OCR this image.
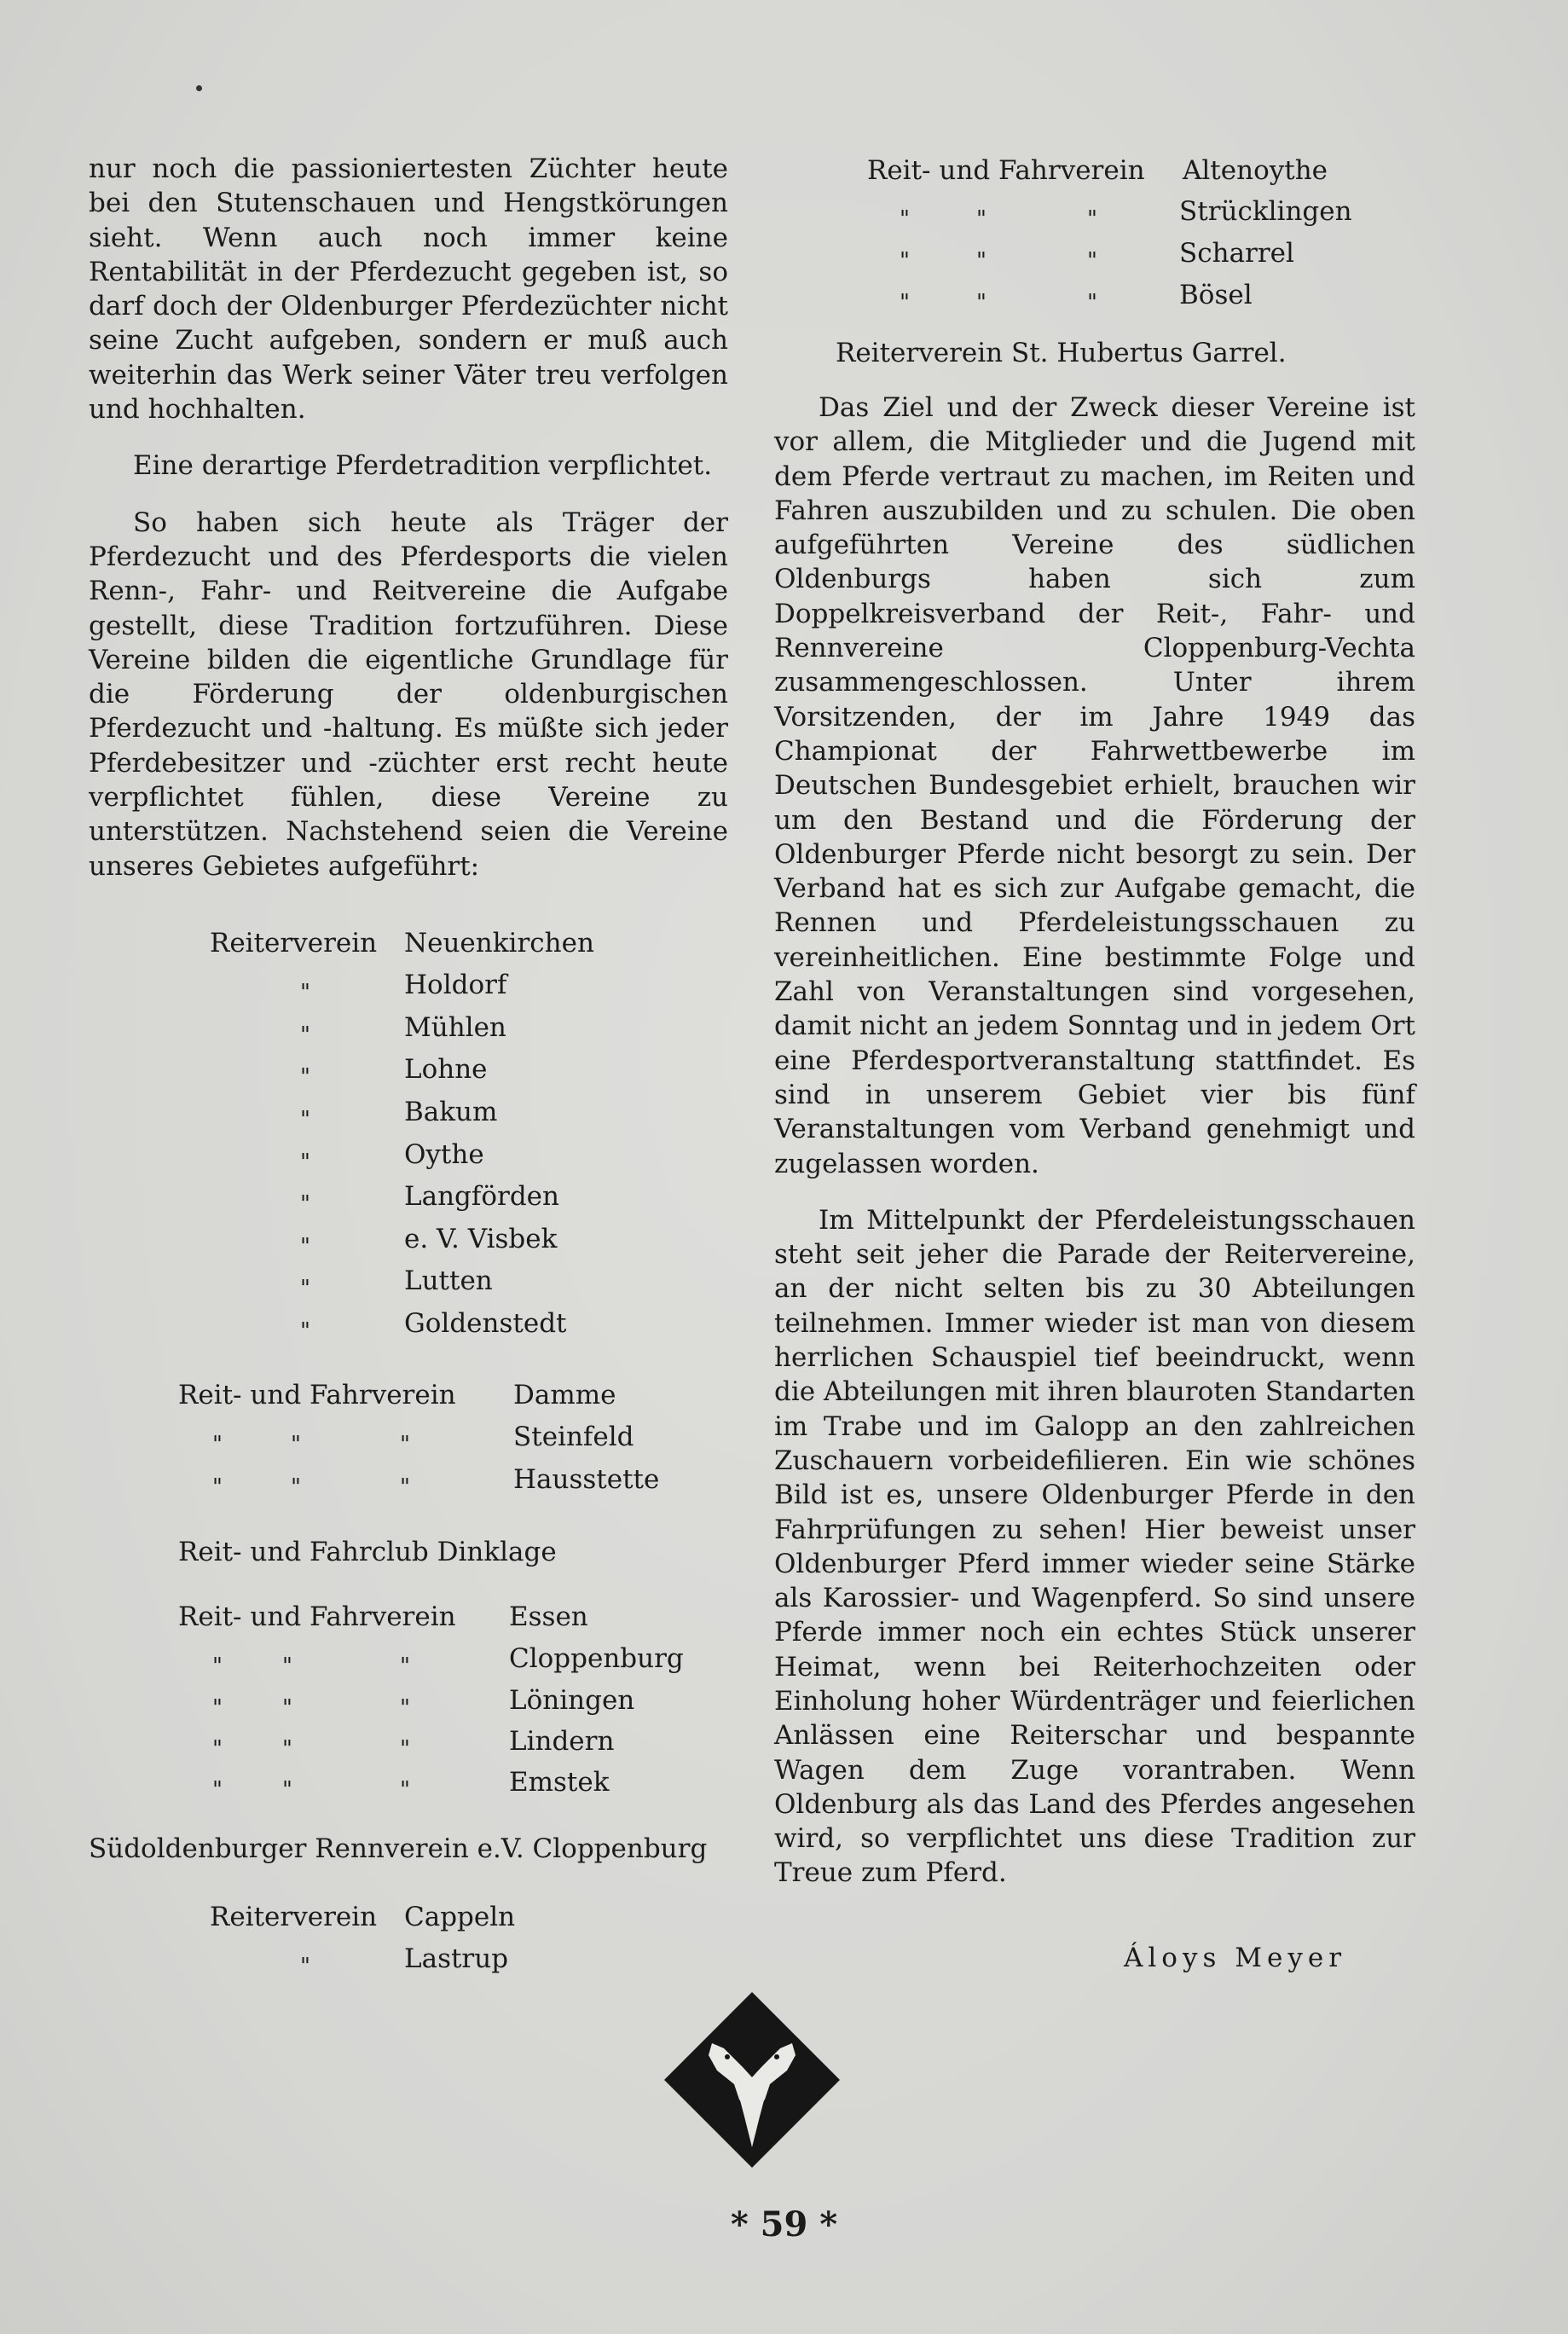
nur noch die passioniertesten Züchter heute bei den Stutenschauen und Hengstkörungen sieht. Wenn auch noch immer keine Rentabilität in der Pferdezucht gegeben ist, so darf doch der Oldenburger Pferdezüchter nicht seine Zucht aufgeben, sondern er muß auch weiterhin das Werk seiner Väter treu verfolgen und hochhalten.

Eine derartige Pferdetradition verpflichtet.

So haben sich heute als Träger der Pferdezucht und des Pferdesports die vielen Renn-, Fahr- und Reitvereine die Aufgabe gestellt, diese Tradition fortzuführen. Diese Vereine bilden die eigentliche Grundlage für die Förderung der oldenburgischen Pferdezucht und -haltung. Es müßte sich jeder Pferdebesitzer und -züchter erst recht heute verpflichtet fühlen, diese Vereine zu unterstützen. Nachstehend seien die Vereine unseres Gebietes aufgeführt:

Reiterverein Neuenkirchen
"	Holdorf
"	Mühlen
"	Lohne
"	Bakum
"	Oythe
"	Langförden
"	e. V. Visbek
"	Lutten
"	Goldenstedt
Reit- und Fahrverein Damme
"	"	"	Steinfeld
"	"	"	Hausstette
Reit- und Fahrclub Dinklage
Reit- und Fahrverein Essen
"	"	"	Cloppenburg
"	"	"	Löningen
"	"	"	Lindern
"	"	"	Emstek
Südoldenburger Rennverein e.V. Cloppenburg
Reiterverein Cappeln
"	Lastrup
Reit- und Fahrverein Altenoythe
"	"	"	Strücklingen
"	"	"	Scharrel
"	"	"	Bösel
Reiterverein St. Hubertus Garrel.

Das Ziel und der Zweck dieser Vereine ist vor allem, die Mitglieder und die Jugend mit dem Pferde vertraut zu machen, im Reiten und Fahren auszubilden und zu schulen. Die oben aufgeführten Vereine des südlichen Oldenburgs haben sich zum Doppelkreisverband der Reit-, Fahr- und Rennvereine Cloppenburg-Vechta zusammengeschlossen. Unter ihrem Vorsitzenden, der im Jahre 1949 das Championat der Fahrwettbewerbe im Deutschen Bundesgebiet erhielt, brauchen wir um den Bestand und die Förderung der Oldenburger Pferde nicht besorgt zu sein. Der Verband hat es sich zur Aufgabe gemacht, die Rennen und Pferdeleistungsschauen zu vereinheitlichen. Eine bestimmte Folge und Zahl von Veranstaltungen sind vorgesehen, damit nicht an jedem Sonntag und in jedem Ort eine Pferdesportveranstaltung stattfindet. Es sind in unserem Gebiet vier bis fünf Veranstaltungen vom Verband genehmigt und zugelassen worden.

Im Mittelpunkt der Pferdeleistungsschauen steht seit jeher die Parade der Reitervereine, an der nicht selten bis zu 30 Abteilungen teilnehmen. Immer wieder ist man von diesem herrlichen Schauspiel tief beeindruckt, wenn die Abteilungen mit ihren blauroten Standarten im Trabe und im Galopp an den zahlreichen Zuschauern vorbeidefilieren. Ein wie schönes Bild ist es, unsere Oldenburger Pferde in den Fahrprüfungen zu sehen! Hier beweist unser Oldenburger Pferd immer wieder seine Stärke als Karossier- und Wagenpferd. So sind unsere Pferde immer noch ein echtes Stück unserer Heimat, wenn bei Reiterhochzeiten oder Einholung hoher Würdenträger und feierlichen Anlässen eine Reiterschar und bespannte Wagen dem Zuge vorantraben. Wenn Oldenburg als das Land des Pferdes angesehen wird, so verpflichtet uns diese Tradition zur Treue zum Pferd.

Áloys Meyer
* 59 *
